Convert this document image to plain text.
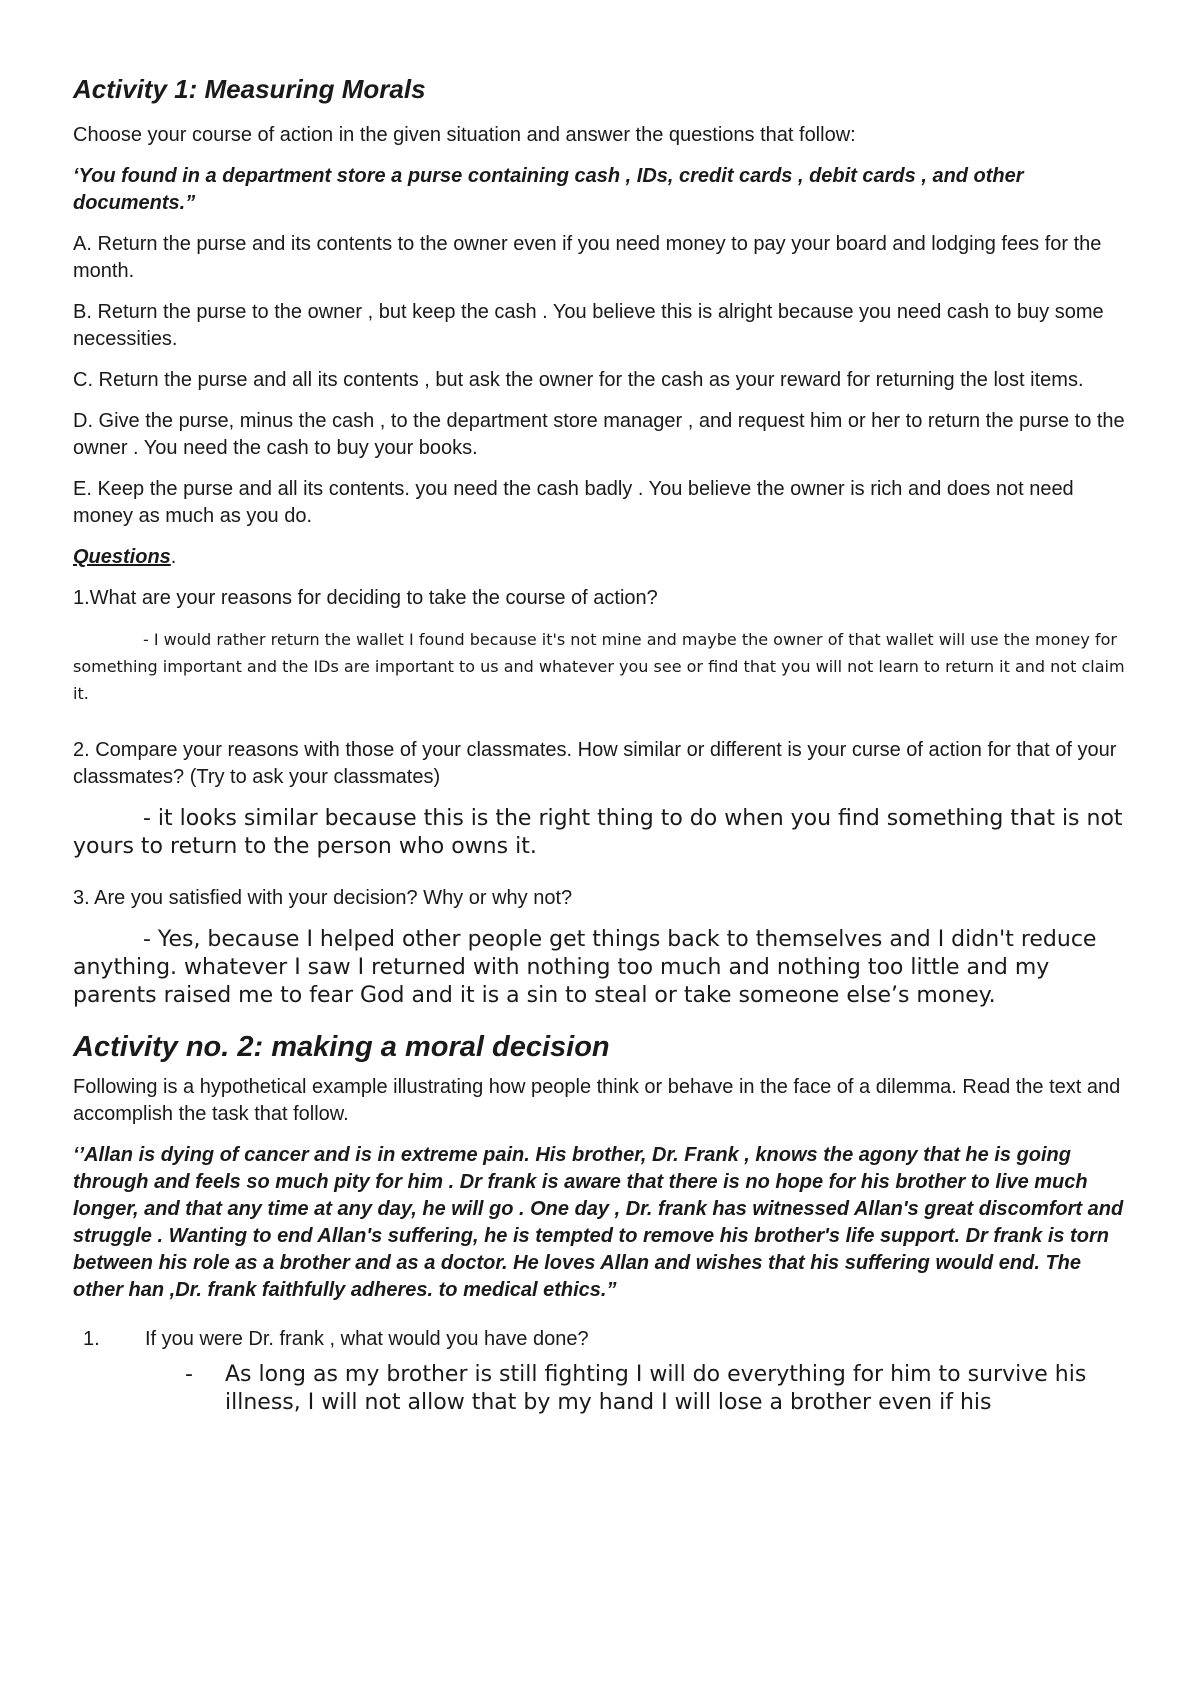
Activity 1: Measuring Morals
Choose your course of action in the given situation and answer the questions that follow:
‘You found in a department store a purse containing cash , IDs, credit cards , debit cards , and other documents.”
A. Return the purse and its contents to the owner even if you need money to pay your board and lodging fees for the month.
B. Return the purse to the owner , but keep the cash . You believe this is alright because you need cash to buy some necessities.
C. Return the purse and all its contents , but ask the owner for the cash as your reward for returning the lost items.
D. Give the purse, minus the cash , to the department store manager , and request him or her to return the purse to the owner . You need the cash to buy your books.
E. Keep the purse and all its contents. you need the cash badly . You believe the owner is rich and does not need money as much as you do.
Questions.
1.What are your reasons for deciding to take the course of action?
- I would rather return the wallet I found because it's not mine and maybe the owner of that wallet will use the money for something important and the IDs are important to us and whatever you see or find that you will not learn to return it and not claim it.
2. Compare your reasons with those of your classmates. How similar or different is your curse of action for that of your classmates? (Try to ask your classmates)
- it looks similar because this is the right thing to do when you find something that is not yours to return to the person who owns it.
3. Are you satisfied with your decision? Why or why not?
- Yes, because I helped other people get things back to themselves and I didn't reduce anything. whatever I saw I returned with nothing too much and nothing too little and my parents raised me to fear God and it is a sin to steal or take someone else’s money.
Activity no. 2: making a moral decision
Following is a hypothetical example illustrating how people think or behave in the face of a dilemma. Read the text and accomplish the task that follow.
‘’Allan is dying of cancer and is in extreme pain. His brother, Dr. Frank , knows the agony that he is going through and feels so much pity for him . Dr frank is aware that there is no hope for his brother to live much longer, and that any time at any day, he will go . One day , Dr. frank has witnessed Allan's great discomfort and struggle . Wanting to end Allan's suffering, he is tempted to remove his brother's life support. Dr frank is torn between his role as a brother and as a doctor. He loves Allan and wishes that his suffering would end. The other han ,Dr. frank faithfully adheres. to medical ethics.”
1.	If you were Dr. frank , what would you have done?
-	As long as my brother is still fighting I will do everything for him to survive his illness, I will not allow that by my hand I will lose a brother even if his
